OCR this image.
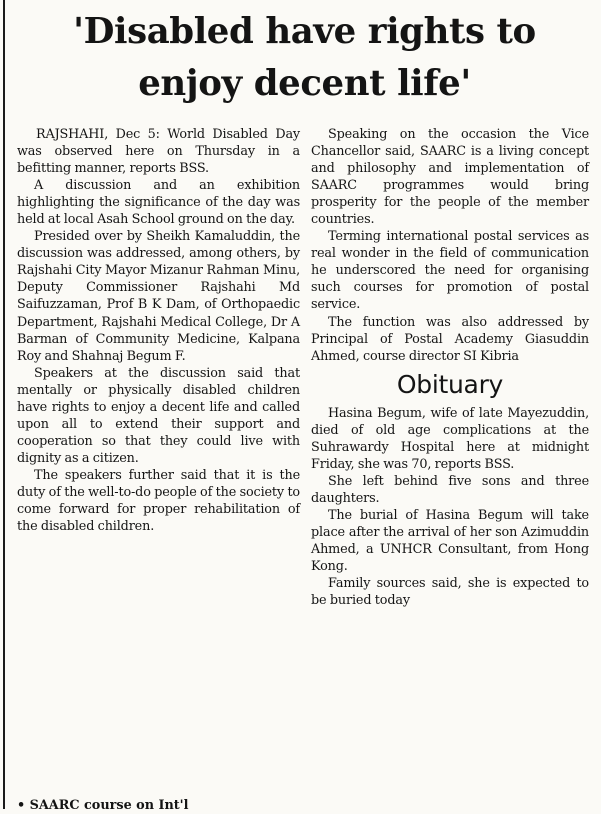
'Disabled have rights to
enjoy decent life'

RAJSHAHI, Dec 5: World Disabled Day was observed here on Thursday in a befitting manner, reports BSS.

A discussion and an exhibition highlighting the significance of the day was held at local Asah School ground on the day.

Presided over by Sheikh Kamaluddin, the discussion was addressed, among others, by Rajshahi City Mayor Mizanur Rahman Minu, Deputy Commissioner Rajshahi Md Saifuzzaman, Prof B K Dam, of Orthopaedic Department, Rajshahi Medical College, Dr A Barman of Community Medicine, Kalpana Roy and Shahnaj Begum F.

Speakers at the discussion said that mentally or physically disabled children have rights to enjoy a decent life and called upon all to extend their support and cooperation so that they could live with dignity as a citizen.

The speakers further said that it is the duty of the well-to-do people of the society to come forward for proper rehabilitation of the disabled children.

• SAARC course on Int'l

Speaking on the occasion the Vice Chancellor said, SAARC is a living concept and philosophy and implementation of SAARC programmes would bring prosperity for the people of the member countries.

Terming international postal services as real wonder in the field of communication he underscored the need for organising such courses for promotion of postal service.

The function was also addressed by Principal of Postal Academy Giasuddin Ahmed, course director SI Kibria

Obituary

Hasina Begum, wife of late Mayezuddin, died of old age complications at the Suhrawardy Hospital here at midnight Friday, she was 70, reports BSS.

She left behind five sons and three daughters.

The burial of Hasina Begum will take place after the arrival of her son Azimuddin Ahmed, a UNHCR Consultant, from Hong Kong.

Family sources said, she is expected to be buried today
